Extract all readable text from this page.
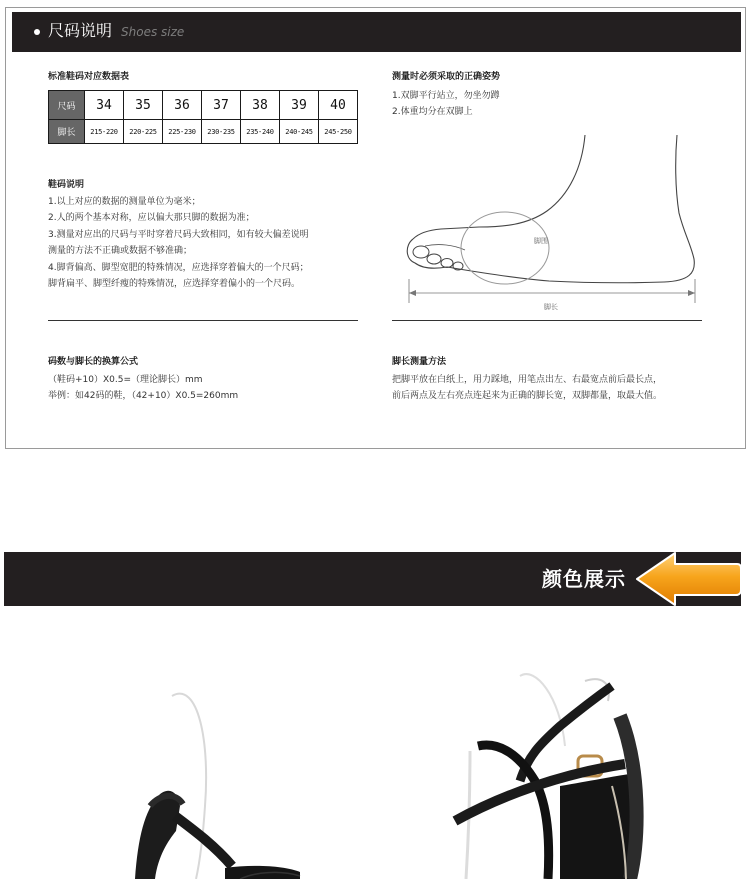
尺码说明 Shoes size
标准鞋码对应数据表
尺码	34	35	36	37	38	39	40
脚长	215-220	220-225	225-230	230-235	235-240	240-245	245-250
鞋码说明
1.以上对应的数据的测量单位为毫米；
2.人的两个基本对称，应以偏大那只脚的数据为准；
3.测量对应出的尺码与平时穿着尺码大致相同，如有较大偏差说明
测量的方法不正确或数据不够准确；
4.脚背偏高、脚型宽肥的特殊情况，应选择穿着偏大的一个尺码；
脚背扁平、脚型纤瘦的特殊情况，应选择穿着偏小的一个尺码。
测量时必须采取的正确姿势
1.双脚平行站立，勿坐勿蹲
2.体重均分在双脚上
脚围
脚长
码数与脚长的换算公式
（鞋码+10）X0.5=（理论脚长）mm
举例：如42码的鞋，（42+10）X0.5=260mm
脚长测量方法
把脚平放在白纸上，用力踩地，用笔点出左、右最宽点前后最长点，
前后两点及左右亮点连起来为正确的脚长宽，双脚都量，取最大值。
颜色展示
